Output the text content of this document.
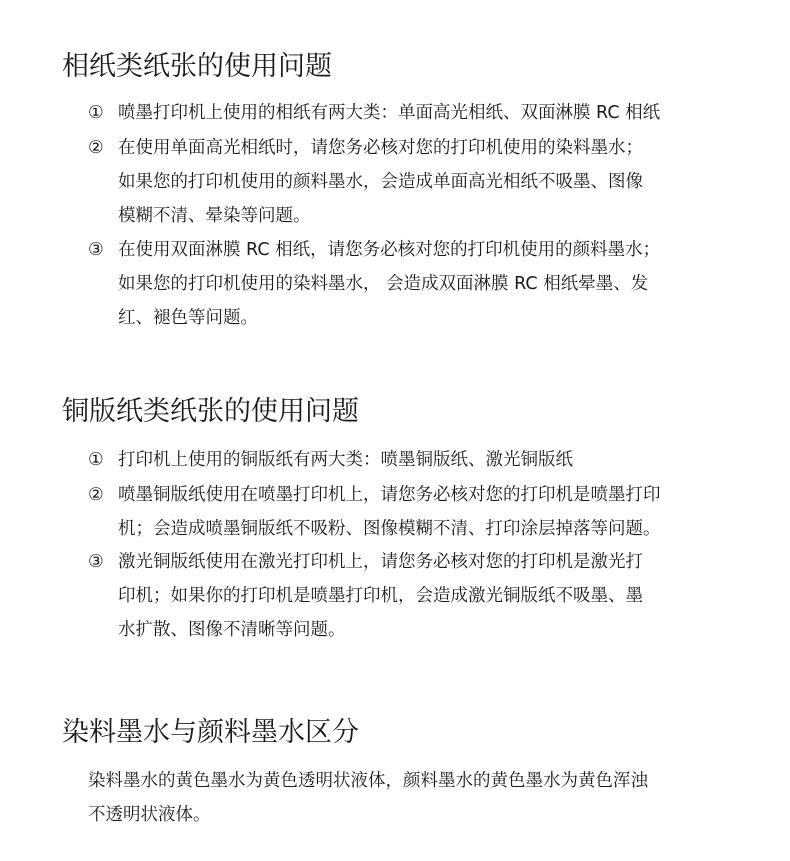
相纸类纸张的使用问题
① 喷墨打印机上使用的相纸有两大类：单面高光相纸、双面淋膜 RC 相纸
② 在使用单面高光相纸时，请您务必核对您的打印机使用的染料墨水；
如果您的打印机使用的颜料墨水，会造成单面高光相纸不吸墨、图像
模糊不清、晕染等问题。
③ 在使用双面淋膜 RC 相纸，请您务必核对您的打印机使用的颜料墨水；
如果您的打印机使用的染料墨水， 会造成双面淋膜 RC 相纸晕墨、发
红、褪色等问题。
铜版纸类纸张的使用问题
① 打印机上使用的铜版纸有两大类：喷墨铜版纸、激光铜版纸
② 喷墨铜版纸使用在喷墨打印机上，请您务必核对您的打印机是喷墨打印
机；会造成喷墨铜版纸不吸粉、图像模糊不清、打印涂层掉落等问题。
③ 激光铜版纸使用在激光打印机上，请您务必核对您的打印机是激光打
印机；如果你的打印机是喷墨打印机，会造成激光铜版纸不吸墨、墨
水扩散、图像不清晰等问题。
染料墨水与颜料墨水区分
染料墨水的黄色墨水为黄色透明状液体，颜料墨水的黄色墨水为黄色浑浊
不透明状液体。
